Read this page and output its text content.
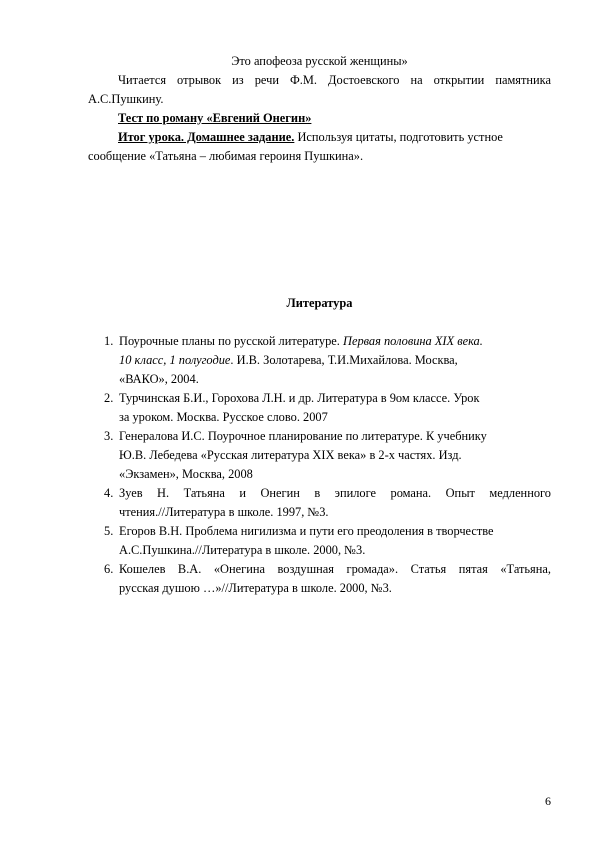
Это апофеоза русской женщины»
Читается отрывок из речи Ф.М. Достоевского на открытии памятника
А.С.Пушкину.
Тест по роману «Евгений Онегин»
Итог урока. Домашнее задание. Используя цитаты, подготовить устное
сообщение «Татьяна – любимая героиня Пушкина».
Литература
1. Поурочные планы по русской литературе. Первая половина XIX века.

10 класс, 1 полугодие. И.В. Золотарева, Т.И.Михайлова. Москва,

«ВАКО», 2004.

2. Турчинская Б.И., Горохова Л.Н. и др. Литература в 9ом классе. Урок

за уроком. Москва. Русское слово. 2007

3. Генералова И.С. Поурочное планирование по литературе. К учебнику

Ю.В. Лебедева «Русская литература XIX века» в 2-х частях. Изд.

«Экзамен», Москва, 2008

4. Зуев Н. Татьяна и Онегин в эпилоге романа. Опыт медленного

чтения.//Литература в школе. 1997, №3.

5. Егоров В.Н. Проблема нигилизма и пути его преодоления в творчестве

А.С.Пушкина.//Литература в школе. 2000, №3.

6. Кошелев В.А. «Онегина воздушная громада». Статья пятая «Татьяна,

русская душою …»//Литература в школе. 2000, №3.

6
